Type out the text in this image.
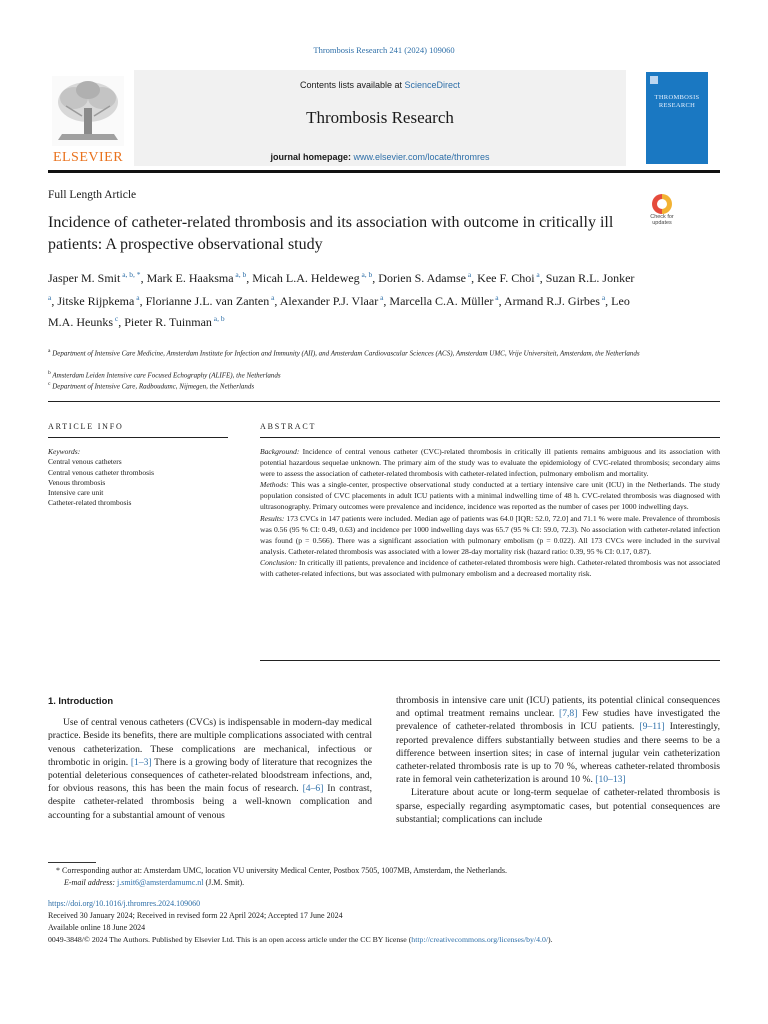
Thrombosis Research 241 (2024) 109060
ELSEVIER
Contents lists available at ScienceDirect
Thrombosis Research
journal homepage: www.elsevier.com/locate/thromres
THROMBOSIS
RESEARCH
Full Length Article
Incidence of catheter-related thrombosis and its association with outcome in critically ill patients: A prospective observational study
Check for
updates
Jasper M. Smit $^{a, b, *}$, Mark E. Haaksma $^{a, b}$, Micah L.A. Heldeweg $^{a, b}$, Dorien S. Adamse $^a$, Kee F. Choi $^a$, Suzan R.L. Jonker $^a$, Jitske Rijpkema $^a$, Florianne J.L. van Zanten $^a$, Alexander P.J. Vlaar $^a$, Marcella C.A. Müller $^a$, Armand R.J. Girbes $^a$, Leo M.A. Heunks $^c$, Pieter R. Tuinman $^{a, b}$
$^a$ Department of Intensive Care Medicine, Amsterdam Institute for Infection and Immunity (AII), and Amsterdam Cardiovascular Sciences (ACS), Amsterdam UMC, Vrije Universiteit, Amsterdam, the Netherlands
$^b$ Amsterdam Leiden Intensive care Focused Echography (ALIFE), the Netherlands
$^c$ Department of Intensive Care, Radboudumc, Nijmegen, the Netherlands
ARTICLE INFO	ABSTRACT
Keywords:
Central venous catheters
Central venous catheter thrombosis
Venous thrombosis
Intensive care unit
Catheter-related thrombosis
Background: Incidence of central venous catheter (CVC)-related thrombosis in critically ill patients remains ambiguous and its association with potential hazardous sequelae unknown. The primary aim of the study was to evaluate the epidemiology of CVC-related thrombosis; secondary aims were to assess the association of catheter-related thrombosis with catheter-related infection, pulmonary embolism and mortality.
Methods: This was a single-center, prospective observational study conducted at a tertiary intensive care unit (ICU) in the Netherlands. The study population consisted of CVC placements in adult ICU patients with a minimal indwelling time of 48 h. CVC-related thrombosis was diagnosed with ultrasonography. Primary outcomes were prevalence and incidence, incidence was reported as the number of cases per 1000 indwelling days.
Results: 173 CVCs in 147 patients were included. Median age of patients was 64.0 [IQR: 52.0, 72.0] and 71.1 % were male. Prevalence of thrombosis was 0.56 (95 % CI: 0.49, 0.63) and incidence per 1000 indwelling days was 65.7 (95 % CI: 59.0, 72.3). No association with catheter-related infection was found (p = 0.566). There was a significant association with pulmonary embolism (p = 0.022). All 173 CVCs were included in the survival analysis. Catheter-related thrombosis was associated with a lower 28-day mortality risk (hazard ratio: 0.39, 95 % CI: 0.17, 0.87).
Conclusion: In critically ill patients, prevalence and incidence of catheter-related thrombosis were high. Catheter-related thrombosis was not associated with catheter-related infections, but was associated with pulmonary embolism and a decreased mortality risk.
1. Introduction

Use of central venous catheters (CVCs) is indispensable in modern-day medical practice. Beside its benefits, there are multiple complications associated with central venous catheterization. These complications are mechanical, infectious or thrombotic in origin. [1–3] There is a growing body of literature that recognizes the potential deleterious consequences of catheter-related bloodstream infections, and, for obvious reasons, this has been the main focus of research. [4–6] In contrast, despite catheter-related thrombosis being a well-known complication and accounting for a substantial amount of venous

thrombosis in intensive care unit (ICU) patients, its potential clinical consequences and optimal treatment remains unclear. [7,8] Few studies have investigated the prevalence of catheter-related thrombosis in ICU patients. [9–11] Interestingly, reported prevalence differs substantially between studies and there seems to be a difference between insertion sites; in case of internal jugular vein catheterization catheter-related thrombosis rate is up to 70 %, whereas catheter-related thrombosis rate in femoral vein catheterization is around 10 %. [10–13]

Literature about acute or long-term sequelae of catheter-related thrombosis is sparse, especially regarding asymptomatic cases, but potential consequences are substantial; complications can include

* Corresponding author at: Amsterdam UMC, location VU university Medical Center, Postbox 7505, 1007MB, Amsterdam, the Netherlands.
E-mail address: j.smit6@amsterdamumc.nl (J.M. Smit).
https://doi.org/10.1016/j.thromres.2024.109060
Received 30 January 2024; Received in revised form 22 April 2024; Accepted 17 June 2024
Available online 18 June 2024
0049-3848/© 2024 The Authors. Published by Elsevier Ltd. This is an open access article under the CC BY license (http://creativecommons.org/licenses/by/4.0/).
